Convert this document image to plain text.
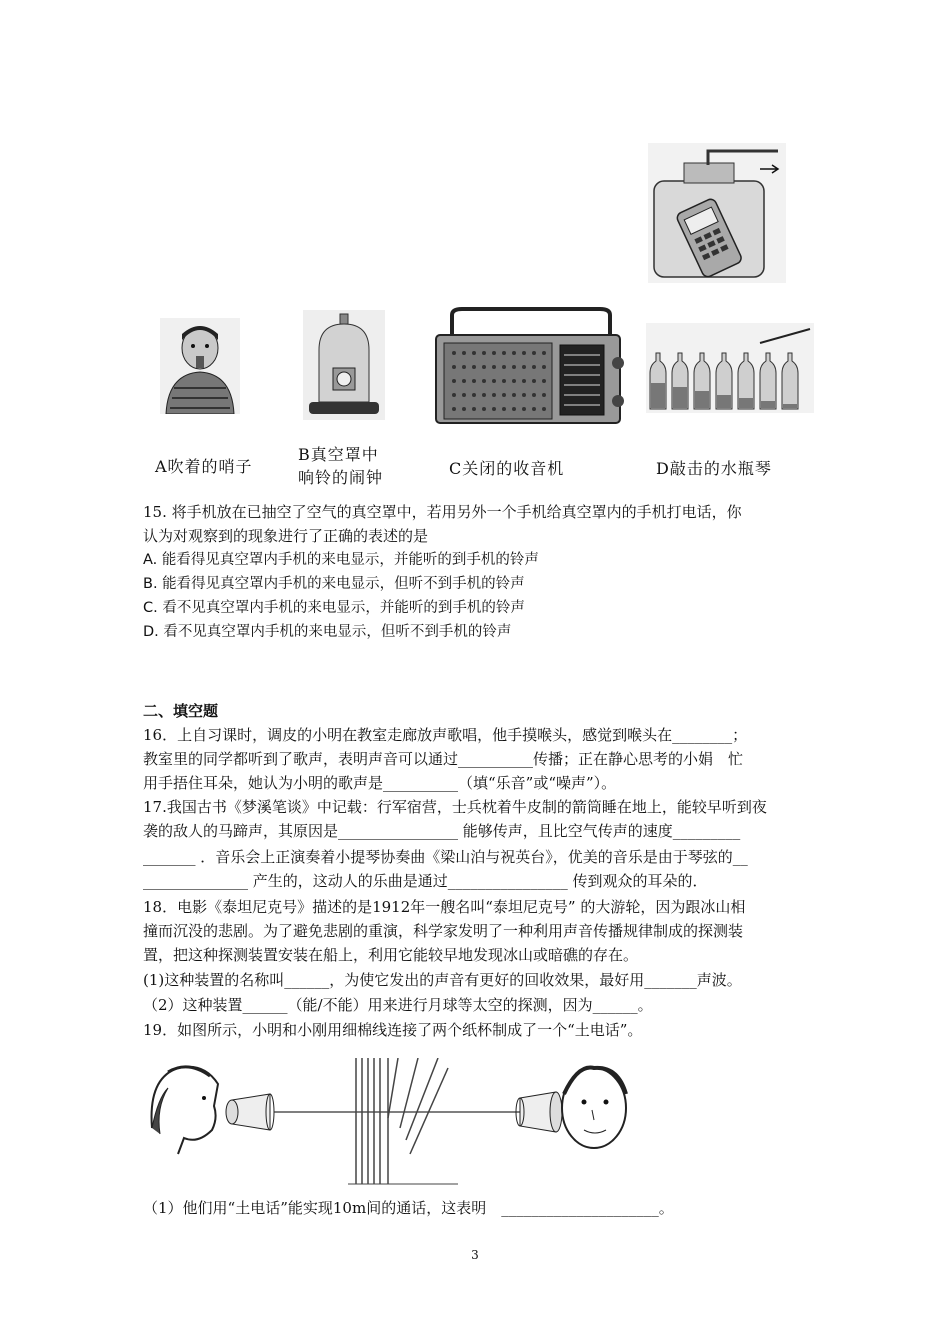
A吹着的哨子
B真空罩中
响铃的闹钟	C关闭的收音机	D敲击的水瓶琴
15. 将手机放在已抽空了空气的真空罩中，若用另外一个手机给真空罩内的手机打电话，你
认为对观察到的现象进行了正确的表述的是
A. 能看得见真空罩内手机的来电显示，并能听的到手机的铃声
B. 能看得见真空罩内手机的来电显示，但听不到手机的铃声
C. 看不见真空罩内手机的来电显示，并能听的到手机的铃声
D. 看不见真空罩内手机的来电显示，但听不到手机的铃声
二、填空题
16．上自习课时，调皮的小明在教室走廊放声歌唱，他手摸喉头，感觉到喉头在________；
教室里的同学都听到了歌声，表明声音可以通过__________传播；正在静心思考的小娟　忙
用手捂住耳朵，她认为小明的歌声是__________（填“乐音”或“噪声”）。
17.我国古书《梦溪笔谈》中记载：行军宿营，士兵枕着牛皮制的箭筒睡在地上，能较早听到夜
袭的敌人的马蹄声，其原因是________________ 能够传声，且比空气传声的速度_________
_______ ．音乐会上正演奏着小提琴协奏曲《梁山泊与祝英台》，优美的音乐是由于琴弦的__
______________ 产生的，这动人的乐曲是通过________________ 传到观众的耳朵的．
18．电影《泰坦尼克号》描述的是1912年一艘名叫“泰坦尼克号” 的大游轮，因为跟冰山相
撞而沉没的悲剧。为了避免悲剧的重演，科学家发明了一种利用声音传播规律制成的探测装
置，把这种探测装置安装在船上，利用它能较早地发现冰山或暗礁的存在。
(1)这种装置的名称叫______，为使它发出的声音有更好的回收效果，最好用_______声波。
（2）这种装置______（能/不能）用来进行月球等太空的探测，因为______。
19．如图所示，小明和小刚用细棉线连接了两个纸杯制成了一个“土电话”。
（1）他们用“土电话”能实现10m间的通话，这表明　_____________________。
3
